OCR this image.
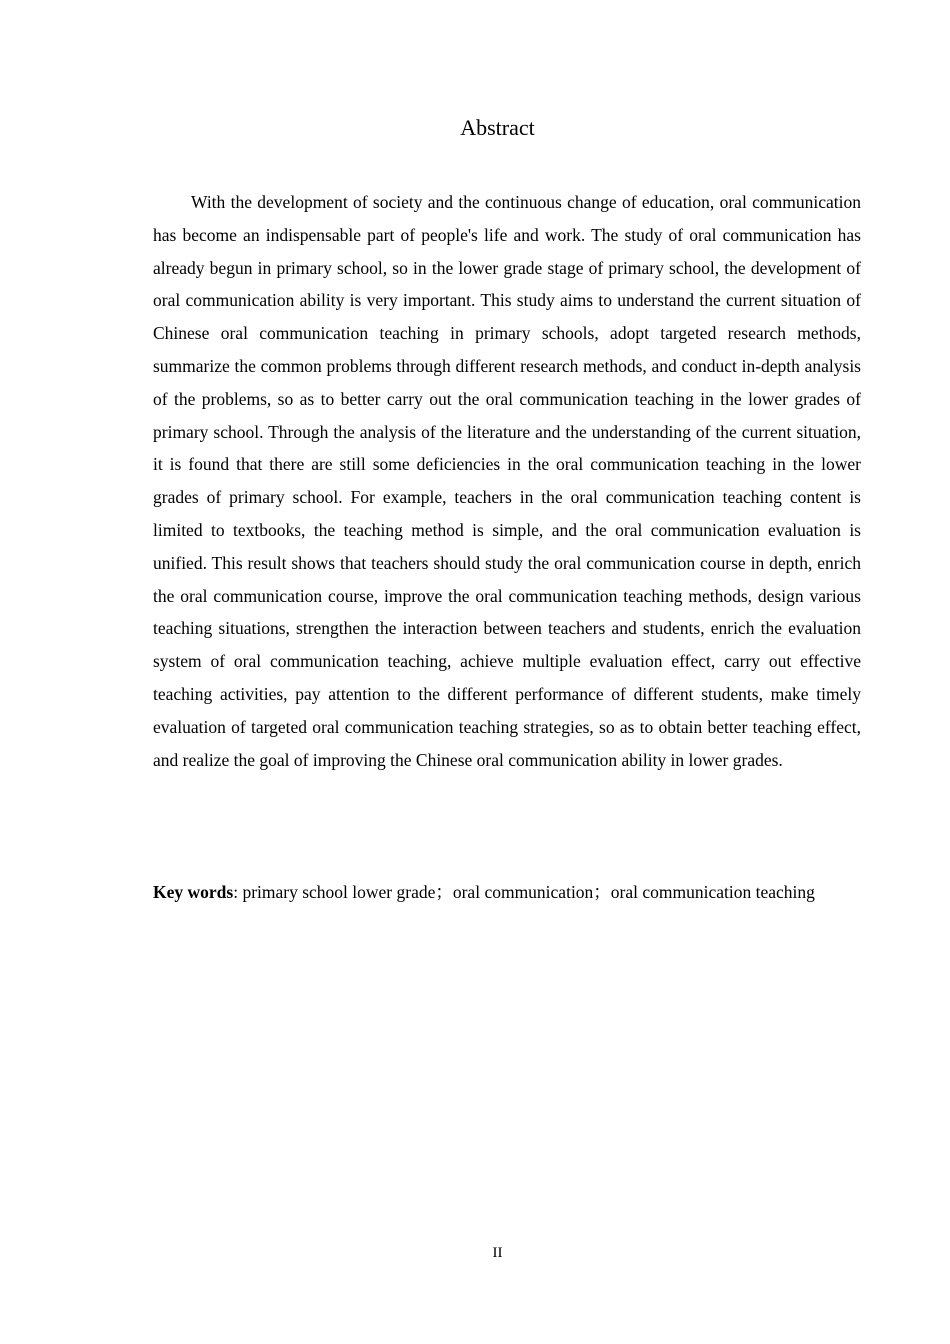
Abstract

With the development of society and the continuous change of education, oral communication has become an indispensable part of people's life and work. The study of oral communication has already begun in primary school, so in the lower grade stage of primary school, the development of oral communication ability is very important. This study aims to understand the current situation of Chinese oral communication teaching in primary schools, adopt targeted research methods, summarize the common problems through different research methods, and conduct in-depth analysis of the problems, so as to better carry out the oral communication teaching in the lower grades of primary school. Through the analysis of the literature and the understanding of the current situation, it is found that there are still some deficiencies in the oral communication teaching in the lower grades of primary school. For example, teachers in the oral communication teaching content is limited to textbooks, the teaching method is simple, and the oral communication evaluation is unified. This result shows that teachers should study the oral communication course in depth, enrich the oral communication course, improve the oral communication teaching methods, design various teaching situations, strengthen the interaction between teachers and students, enrich the evaluation system of oral communication teaching, achieve multiple evaluation effect, carry out effective teaching activities, pay attention to the different performance of different students, make timely evaluation of targeted oral communication teaching strategies, so as to obtain better teaching effect, and realize the goal of improving the Chinese oral communication ability in lower grades.

Key words: primary school lower grade；oral communication；oral communication teaching

II
